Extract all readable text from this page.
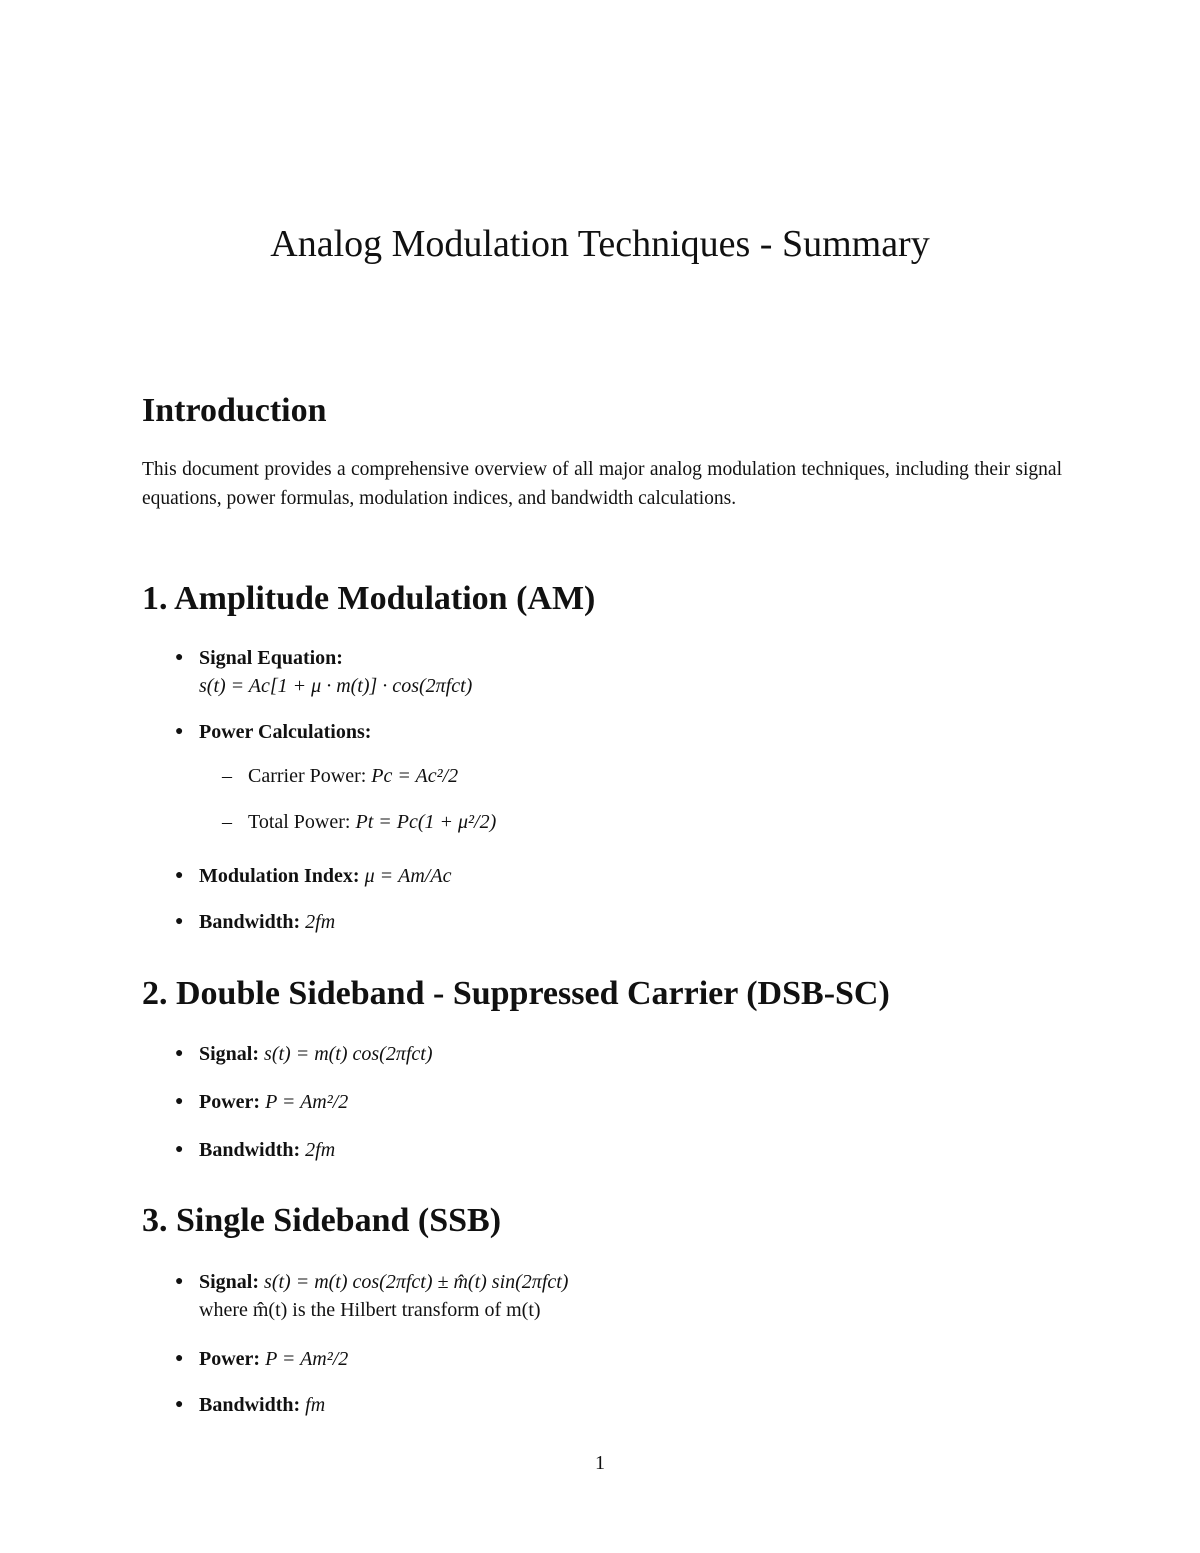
Analog Modulation Techniques - Summary
Introduction
This document provides a comprehensive overview of all major analog modulation techniques, including their signal equations, power formulas, modulation indices, and bandwidth calculations.
1. Amplitude Modulation (AM)
● Signal Equation:
s(t) = Ac[1 + μ · m(t)] · cos(2πfct)
● Power Calculations:
– Carrier Power: Pc = Ac²/2
– Total Power: Pt = Pc(1 + μ²/2)
● Modulation Index: μ = Am/Ac
● Bandwidth: 2fm
2. Double Sideband - Suppressed Carrier (DSB-SC)
● Signal: s(t) = m(t) cos(2πfct)
● Power: P = Am²/2
● Bandwidth: 2fm
3. Single Sideband (SSB)
● Signal: s(t) = m(t) cos(2πfct) ± m̂(t) sin(2πfct)
where m̂(t) is the Hilbert transform of m(t)
● Power: P = Am²/2
● Bandwidth: fm
1
